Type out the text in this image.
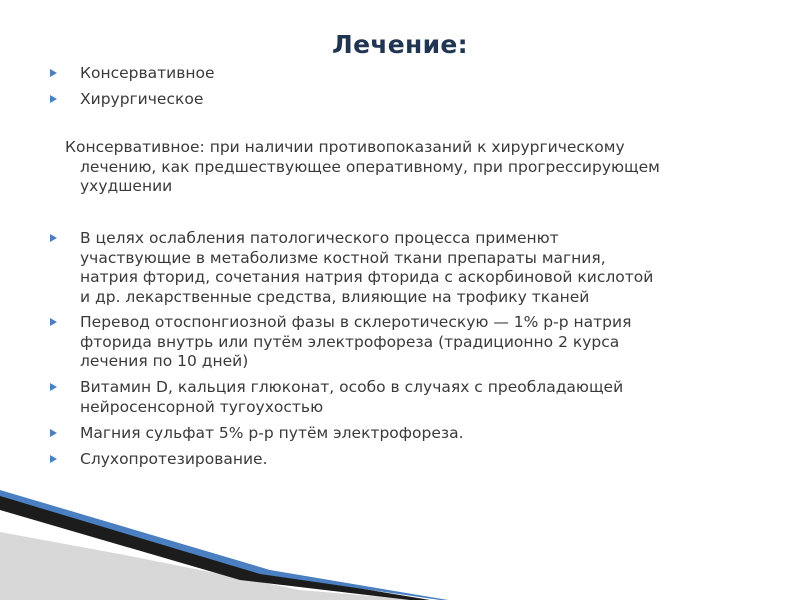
Лечение:
Консервативное
Хирургическое
Консервативное: при наличии противопоказаний к хирургическому
лечению, как предшествующее оперативному, при прогрессирующем
ухудшении
В целях ослабления патологического процесса применют
участвующие в метаболизме костной ткани препараты магния,
натрия фторид, сочетания натрия фторида с аскорбиновой кислотой
и др. лекарственные средства, влияющие на трофику тканей
Перевод отоспонгиозной фазы в склеротическую — 1% р-р натрия
фторида внутрь или путём электрофореза (традиционно 2 курса
лечения по 10 дней)
Витамин D, кальция глюконат, особо в случаях с преобладающей
нейросенсорной тугоухостью
Магния сульфат 5% р-р путём электрофореза.
Слухопротезирование.
